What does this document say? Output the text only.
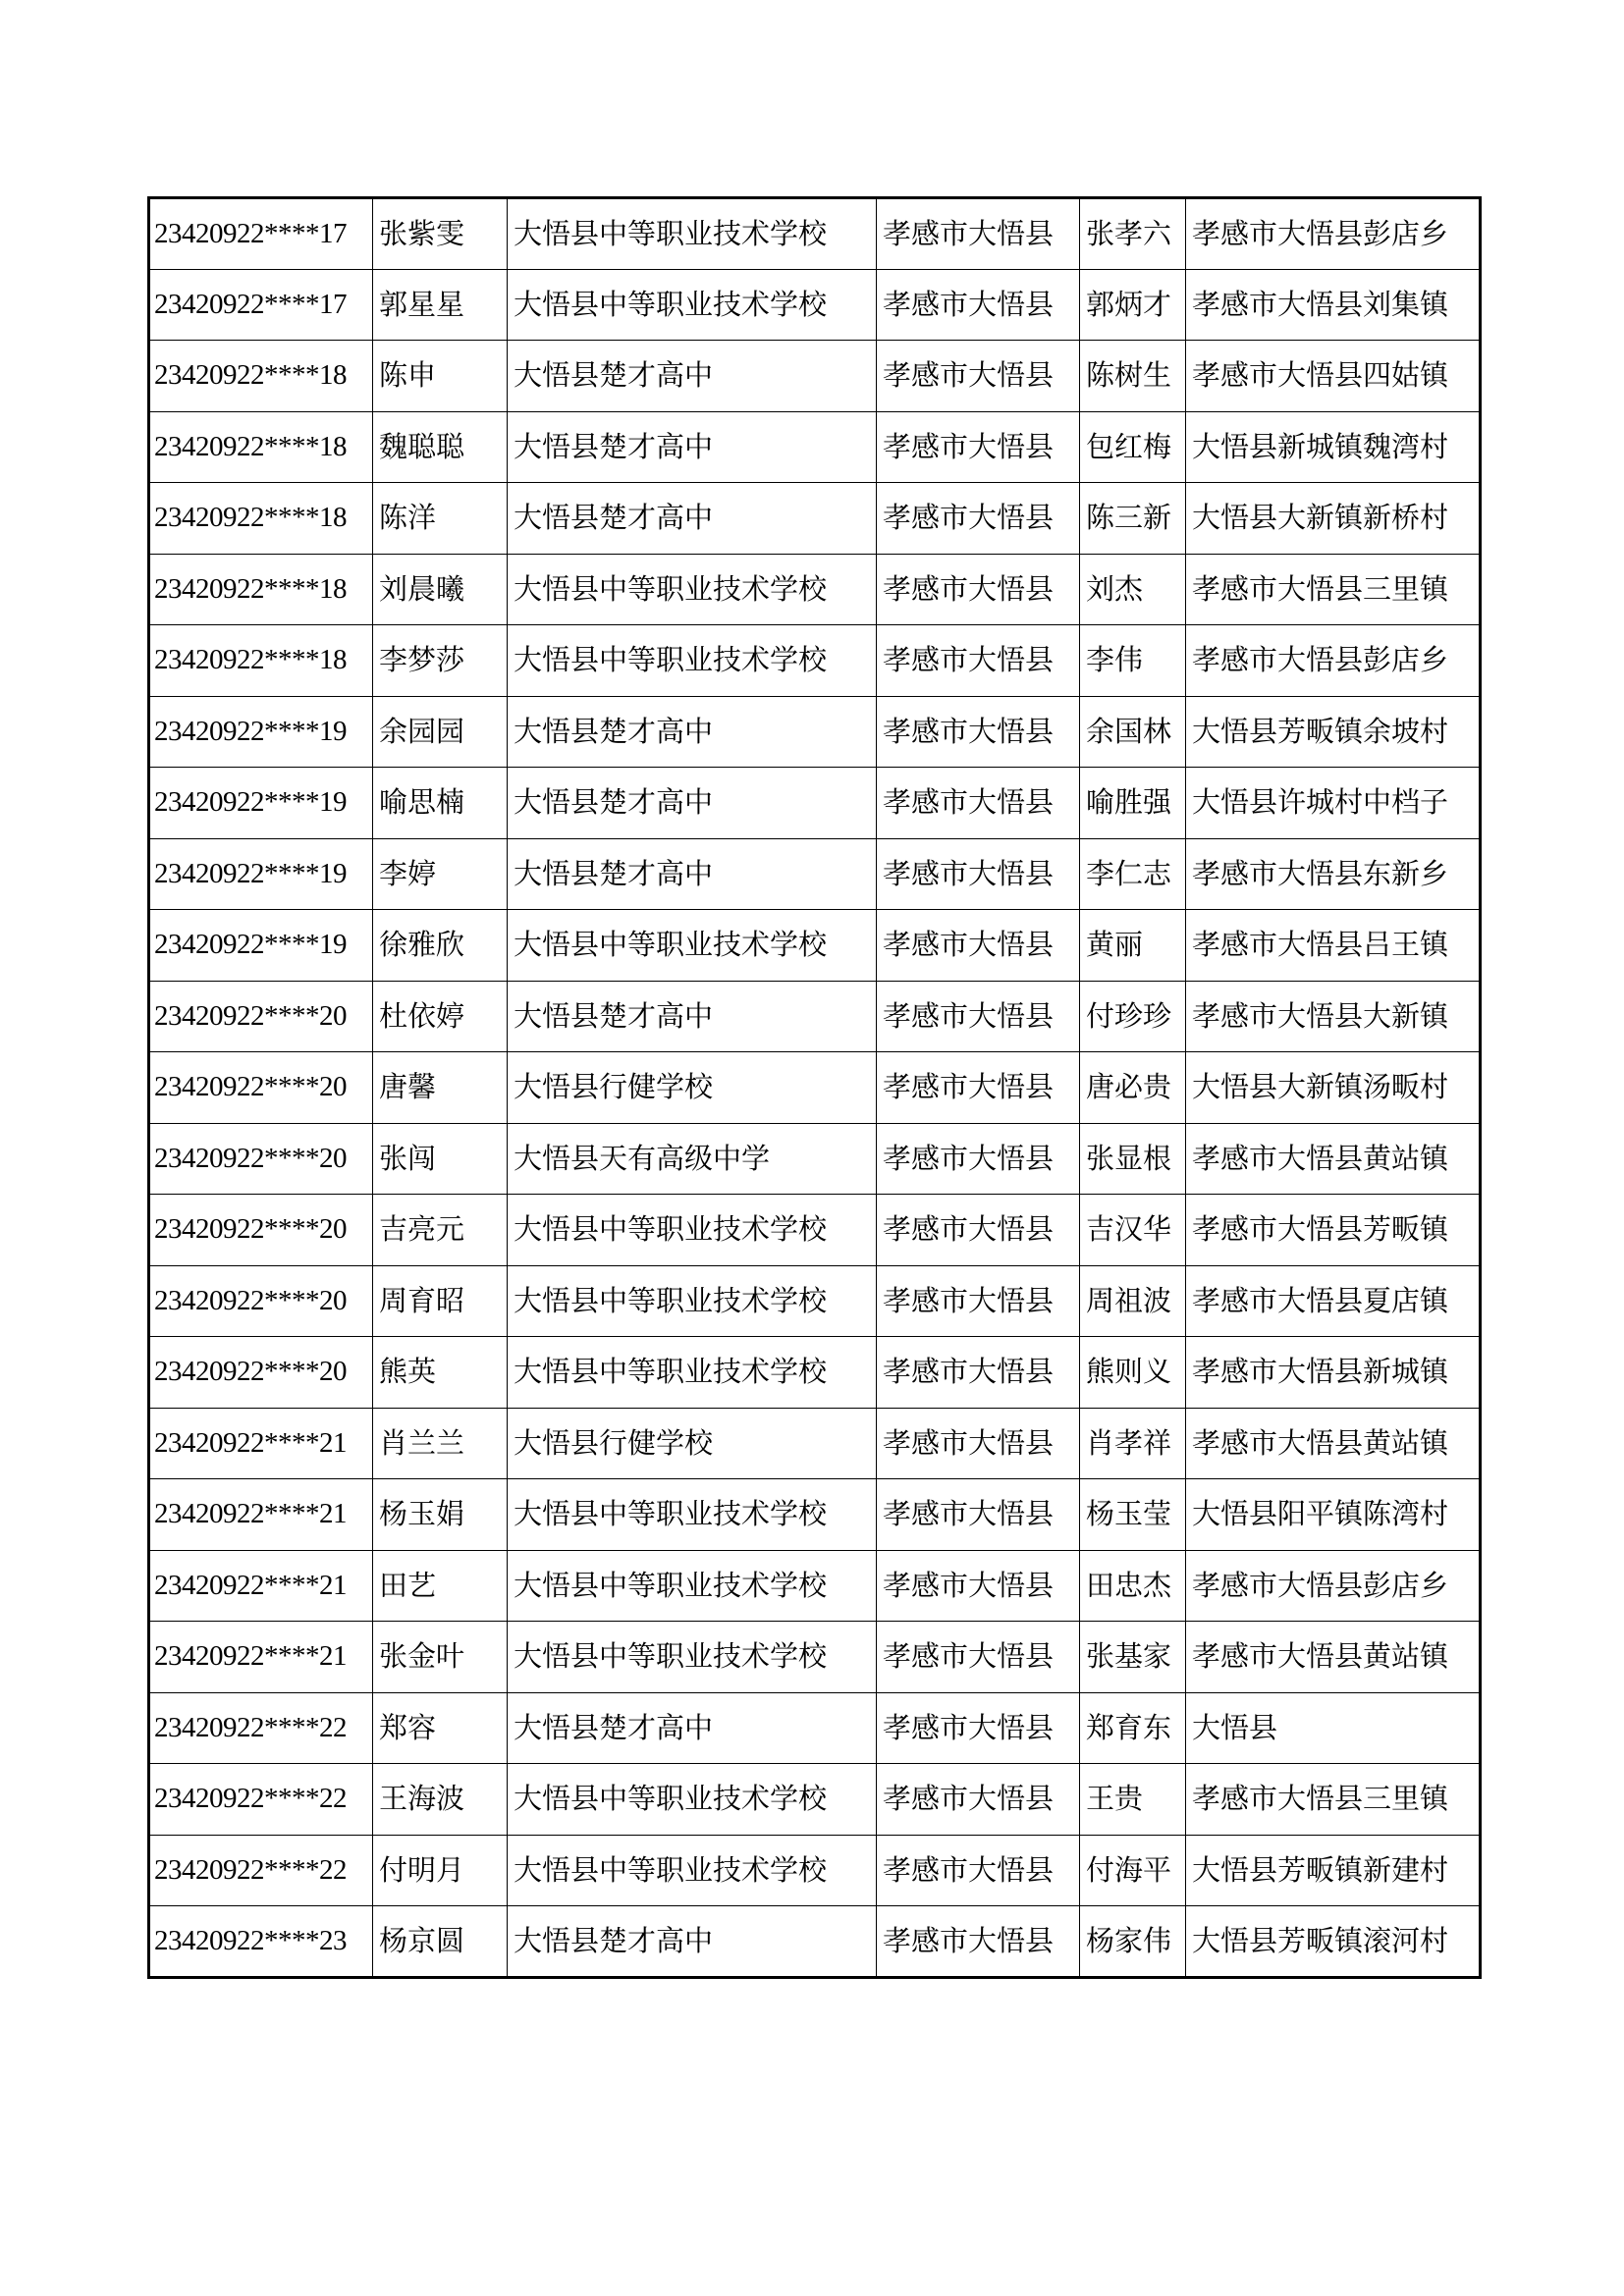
23420922****17	张紫雯	大悟县中等职业技术学校	孝感市大悟县	张孝六	孝感市大悟县彭店乡
23420922****17	郭星星	大悟县中等职业技术学校	孝感市大悟县	郭炳才	孝感市大悟县刘集镇
23420922****18	陈申	大悟县楚才高中	孝感市大悟县	陈树生	孝感市大悟县四姑镇
23420922****18	魏聪聪	大悟县楚才高中	孝感市大悟县	包红梅	大悟县新城镇魏湾村
23420922****18	陈洋	大悟县楚才高中	孝感市大悟县	陈三新	大悟县大新镇新桥村
23420922****18	刘晨曦	大悟县中等职业技术学校	孝感市大悟县	刘杰	孝感市大悟县三里镇
23420922****18	李梦莎	大悟县中等职业技术学校	孝感市大悟县	李伟	孝感市大悟县彭店乡
23420922****19	余园园	大悟县楚才高中	孝感市大悟县	余国林	大悟县芳畈镇余坡村
23420922****19	喻思楠	大悟县楚才高中	孝感市大悟县	喻胜强	大悟县许城村中档子
23420922****19	李婷	大悟县楚才高中	孝感市大悟县	李仁志	孝感市大悟县东新乡
23420922****19	徐雅欣	大悟县中等职业技术学校	孝感市大悟县	黄丽	孝感市大悟县吕王镇
23420922****20	杜依婷	大悟县楚才高中	孝感市大悟县	付珍珍	孝感市大悟县大新镇
23420922****20	唐馨	大悟县行健学校	孝感市大悟县	唐必贵	大悟县大新镇汤畈村
23420922****20	张闯	大悟县天有高级中学	孝感市大悟县	张显根	孝感市大悟县黄站镇
23420922****20	吉亮元	大悟县中等职业技术学校	孝感市大悟县	吉汉华	孝感市大悟县芳畈镇
23420922****20	周育昭	大悟县中等职业技术学校	孝感市大悟县	周祖波	孝感市大悟县夏店镇
23420922****20	熊英	大悟县中等职业技术学校	孝感市大悟县	熊则义	孝感市大悟县新城镇
23420922****21	肖兰兰	大悟县行健学校	孝感市大悟县	肖孝祥	孝感市大悟县黄站镇
23420922****21	杨玉娟	大悟县中等职业技术学校	孝感市大悟县	杨玉莹	大悟县阳平镇陈湾村
23420922****21	田艺	大悟县中等职业技术学校	孝感市大悟县	田忠杰	孝感市大悟县彭店乡
23420922****21	张金叶	大悟县中等职业技术学校	孝感市大悟县	张基家	孝感市大悟县黄站镇
23420922****22	郑容	大悟县楚才高中	孝感市大悟县	郑育东	大悟县
23420922****22	王海波	大悟县中等职业技术学校	孝感市大悟县	王贵	孝感市大悟县三里镇
23420922****22	付明月	大悟县中等职业技术学校	孝感市大悟县	付海平	大悟县芳畈镇新建村
23420922****23	杨京圆	大悟县楚才高中	孝感市大悟县	杨家伟	大悟县芳畈镇滚河村
